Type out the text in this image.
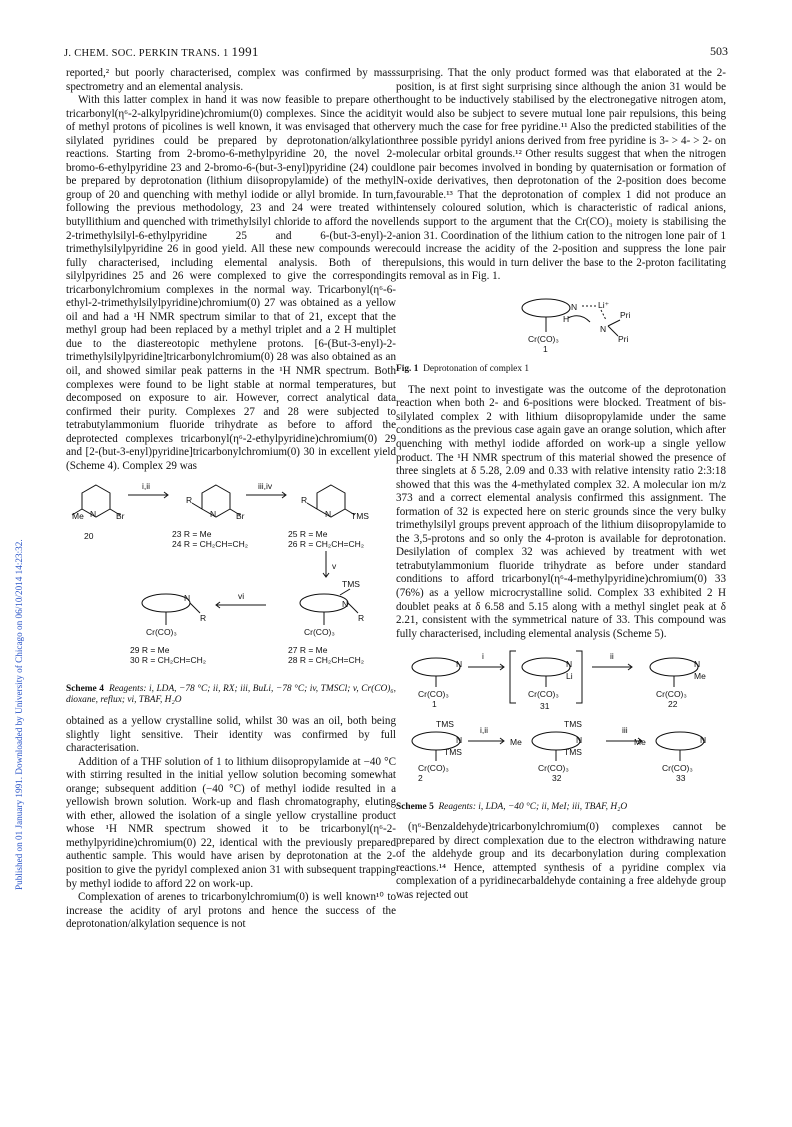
J. CHEM. SOC. PERKIN TRANS. 1 1991	503
Published on 01 January 1991. Downloaded by University of Chicago on 06/10/2014 14:23:32.

reported,² but poorly characterised, complex was confirmed by mass spectrometry and an elemental analysis.

With this latter complex in hand it was now feasible to prepare other tricarbonyl(η⁶-2-alkylpyridine)chromium(0) complexes. Since the acidity of methyl protons of picolines is well known, it was envisaged that other silylated pyridines could be prepared by deprotonation/alkylation reactions. Starting from 2-bromo-6-methylpyridine 20, the novel 2-bromo-6-ethylpyridine 23 and 2-bromo-6-(but-3-enyl)pyridine (24) could be prepared by deprotonation (lithium diisopropylamide) of the methyl group of 20 and quenching with methyl iodide or allyl bromide. In turn, following the previous methodology, 23 and 24 were treated with butyllithium and quenched with trimethylsilyl chloride to afford the novel 2-trimethylsilyl-6-ethylpyridine 25 and 6-(but-3-enyl)-2-trimethylsilylpyridine 26 in good yield. All these new compounds were fully characterised, including elemental analysis. Both of the silylpyridines 25 and 26 were complexed to give the corresponding tricarbonylchromium complexes in the normal way. Tricarbonyl(η⁶-6-ethyl-2-trimethylsilylpyridine)chromium(0) 27 was obtained as a yellow oil and had a ¹H NMR spectrum similar to that of 21, except that the methyl group had been replaced by a methyl triplet and a 2 H multiplet due to the diastereotopic methylene protons. [6-(But-3-enyl)-2-trimethylsilylpyridine]tricarbonylchromium(0) 28 was also obtained as an oil, and showed similar peak patterns in the ¹H NMR spectrum. Both complexes were found to be light stable at normal temperatures, but decomposed on exposure to air. However, correct analytical data confirmed their purity. Complexes 27 and 28 were subjected to tetrabutylammonium fluoride trihydrate as before to afford the deprotected complexes tricarbonyl(η⁶-2-ethylpyridine)chromium(0) 29 and [2-(but-3-enyl)pyridine]tricarbonylchromium(0) 30 in excellent yield (Scheme 4). Complex 29 was

Me N Br
i,ii
R
N Br
iii,iv
R
N TMS
20	23 R = Me
24 R = CH₂CH=CH₂
25 R = Me
26 R = CH₂CH=CH₂
v
TMS
N
R
Cr(CO)₃
vi
N
R
Cr(CO)₃
29 R = Me
30 R = CH₂CH=CH₂
27 R = Me
28 R = CH₂CH=CH₂
Scheme 4 Reagents: i, LDA, −78 °C; ii, RX; iii, BuLi, −78 °C; iv, TMSCl; v, Cr(CO)₆, dioxane, reflux; vi, TBAF, H₂O

obtained as a yellow crystalline solid, whilst 30 was an oil, both being slightly light sensitive. Their identity was confirmed by full characterisation.

Addition of a THF solution of 1 to lithium diisopropylamide at −40 °C with stirring resulted in the initial yellow solution becoming somewhat orange; subsequent addition (−40 °C) of methyl iodide resulted in a yellowish brown solution. Work-up and flash chromatography, eluting with ether, allowed the isolation of a single yellow crystalline product whose ¹H NMR spectrum showed it to be tricarbonyl(η⁶-2-methylpyridine)chromium(0) 22, identical with the previously prepared authentic sample. This would have arisen by deprotonation at the 2-position to give the pyridyl complexed anion 31 with subsequent trapping by methyl iodide to afford 22 on work-up.

Complexation of arenes to tricarbonylchromium(0) is well known¹⁰ to increase the acidity of aryl protons and hence the success of the deprotonation/alkylation sequence is not

surprising. That the only product formed was that elaborated at the 2-position, is at first sight surprising since although the anion 31 would be thought to be inductively stabilised by the electronegative nitrogen atom, it would also be subject to severe mutual lone pair repulsions, this being very much the case for free pyridine.¹¹ Also the predicted stabilities of the three possible pyridyl anions derived from free pyridine is 3- > 4- > 2- on molecular orbital grounds.¹² Other results suggest that when the nitrogen lone pair becomes involved in bonding by quaternisation or formation of N-oxide derivatives, then deprotonation of the 2-position does become favourable.¹³ That the deprotonation of complex 1 did not produce an intensely coloured solution, which is characteristic of radical anions, lends support to the argument that the Cr(CO)₃ moiety is stabilising the anion 31. Coordination of the lithium cation to the nitrogen lone pair of 1 could increase the acidity of the 2-position and suppress the lone pair repulsions, this would in turn deliver the base to the 2-proton facilitating its removal as in Fig. 1.

N Li⁺
H
N
Pri
Pri
Cr(CO)₃
1
Fig. 1 Deprotonation of complex 1

The next point to investigate was the outcome of the deprotonation reaction when both 2- and 6-positions were blocked. Treatment of bis-silylated complex 2 with lithium diisopropylamide under the same conditions as the previous case again gave an orange solution, which after quenching with methyl iodide afforded on work-up a single yellow product. The ¹H NMR spectrum of this material showed the presence of three singlets at δ 5.28, 2.09 and 0.33 with relative intensity ratio 2:3:18 showed that this was the 4-methylated complex 32. A molecular ion m/z 373 and a correct elemental analysis confirmed this assignment. The formation of 32 is expected here on steric grounds since the very bulky trimethylsilyl groups prevent approach of the lithium diisopropylamide to the 3,5-protons and so only the 4-proton is available for deprotonation. Desilylation of complex 32 was achieved by treatment with wet tetrabutylammonium fluoride trihydrate as before under standard conditions to afford tricarbonyl(η⁶-4-methylpyridine)chromium(0) 33 (76%) as a yellow microcrystalline solid. Complex 33 exhibited 2 H doublet peaks at δ 6.58 and 5.15 along with a methyl singlet peak at δ 2.21, consistent with the symmetrical nature of 33. This compound was fully characterised, including elemental analysis (Scheme 5).

N
Cr(CO)₃
1
i
N
Li
Cr(CO)₃
31
ii
N
Me
Cr(CO)₃
22
TMS
N
TMS
Cr(CO)₃
2
i,ii
Me
TMS
N
TMS
Cr(CO)₃
32
iii
Me	N
Cr(CO)₃
33
Scheme 5 Reagents: i, LDA, −40 °C; ii, MeI; iii, TBAF, H₂O

(η⁶-Benzaldehyde)tricarbonylchromium(0) complexes cannot be prepared by direct complexation due to the electron withdrawing nature of the aldehyde group and its decarbonylation during complexation reactions.¹⁴ Hence, attempted synthesis of a pyridine complex via complexation of a pyridinecarbaldehyde containing a free aldehyde group was rejected out
